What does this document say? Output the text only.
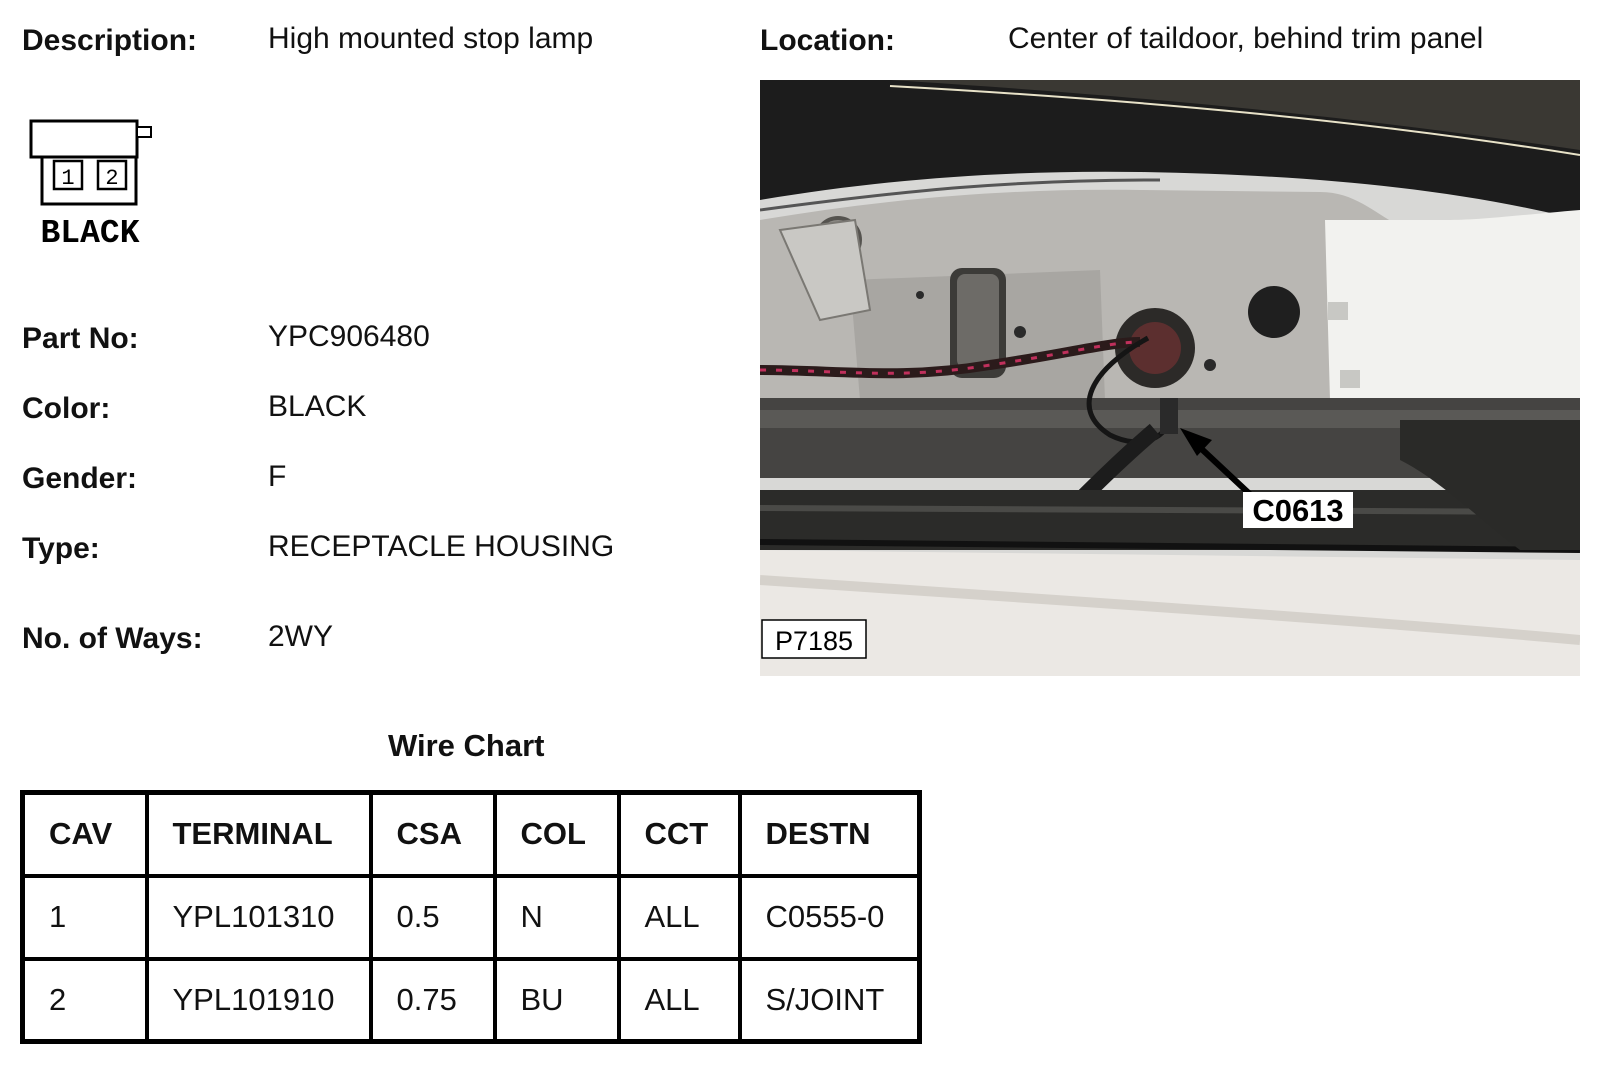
Description: High mounted stop lamp	Location:	Center of taildoor, behind trim panel
1 2
BLACK
Part No:	YPC906480
Color:	BLACK
Gender:	F
Type:	RECEPTACLE HOUSING
No. of Ways: 2WY
C0613
P7185
Wire Chart
CAV	TERMINAL	CSA	COL	CCT	DESTN
1	YPL101310	0.5	N	ALL	C0555-0
2	YPL101910	0.75	BU	ALL	S/JOINT
